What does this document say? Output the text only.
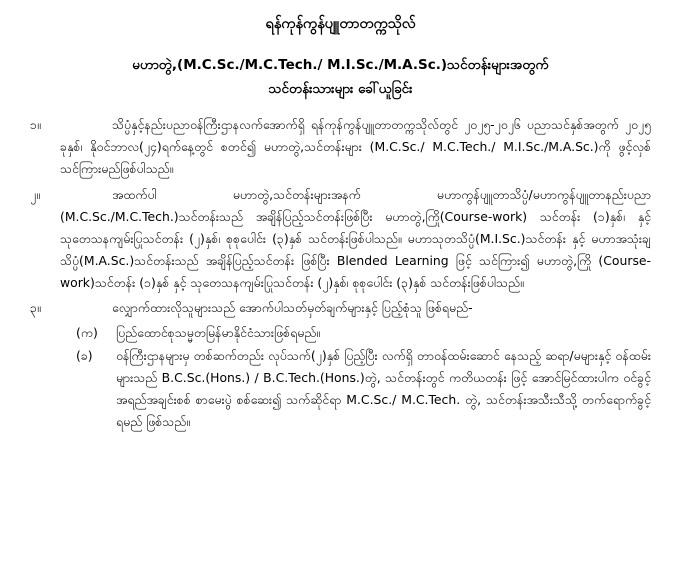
ရန်ကုန်ကွန်ပျူတာတက္ကသိုလ်
မဟာတွဲ,(M.C.Sc./M.C.Tech./ M.I.Sc./M.A.Sc.)သင်တန်းများအတွက်
သင်တန်းသားများ ခေါ်ယူခြင်း
၁။	သိပ္ပံနှင့်နည်းပညာဝန်ကြီးဌာနလက်အောက်ရှိ ရန်ကုန်ကွန်ပျူတာတက္ကသိုလ်တွင် ၂၀၂၅-၂၀၂၆ ပညာသင်နှစ်အတွက် ၂၀၂၅ ခုနှစ်၊ နိုဝင်ဘာလ(၂၄)ရက်နေ့တွင် စတင်၍ မဟာတွဲ,သင်တန်းများ (M.C.Sc./ M.C.Tech./ M.I.Sc./M.A.Sc.)ကို ဖွင့်လှစ်သင်ကြားမည်ဖြစ်ပါသည်။
၂။	အထက်ပါ မဟာတွဲ,သင်တန်းများအနက် မဟာကွန်ပျူတာသိပ္ပံ/မဟာကွန်ပျူတာနည်းပညာ (M.C.Sc./M.C.Tech.)သင်တန်းသည် အချိန်ပြည့်သင်တန်းဖြစ်ပြီး မဟာတွဲ,ကြို(Course-work) သင်တန်း (၁)နှစ်၊ နှင့် သုတေသနကျမ်းပြုသင်တန်း (၂)နှစ်၊ စုစုပေါင်း (၃)နှစ် သင်တန်းဖြစ်ပါသည်။ မဟာသုတသိပ္ပံ(M.I.Sc.)သင်တန်း နှင့် မဟာအသုံးချသိပ္ပံ(M.A.Sc.)သင်တန်းသည် အချိန်ပြည့်သင်တန်း ဖြစ်ပြီး Blended Learning ဖြင့် သင်ကြား၍ မဟာတွဲ,ကြို (Course-work)သင်တန်း (၁)နှစ် နှင့် သုတေသနကျမ်းပြုသင်တန်း (၂)နှစ်၊ စုစုပေါင်း (၃)နှစ် သင်တန်းဖြစ်ပါသည်။
၃။	လျှောက်ထားလိုသူများသည် အောက်ပါသတ်မှတ်ချက်များနှင့် ပြည့်စုံသူ ဖြစ်ရမည်-
(က)	ပြည်ထောင်စုသမ္မတမြန်မာနိုင်ငံသားဖြစ်ရမည်။
(ခ)	ဝန်ကြီးဌာနများမှ တစ်ဆက်တည်း လုပ်သက်(၂)နှစ် ပြည့်ပြီး လက်ရှိ တာဝန်ထမ်းဆောင် နေသည့် ဆရာ/မများနှင့် ဝန်ထမ်းများသည် B.C.Sc.(Hons.) / B.C.Tech.(Hons.)တွဲ, သင်တန်းတွင် ကတိယတန်း ဖြင့် အောင်မြင်ထားပါက ဝင်ခွင့်အရည်အချင်းစစ် စာမေးပွဲ စစ်ဆေး၍ သက်ဆိုင်ရာ M.C.Sc./ M.C.Tech. တွဲ, သင်တန်းအသီးသီသို့ တက်ရောက်ခွင့် ရမည် ဖြစ်သည်။
